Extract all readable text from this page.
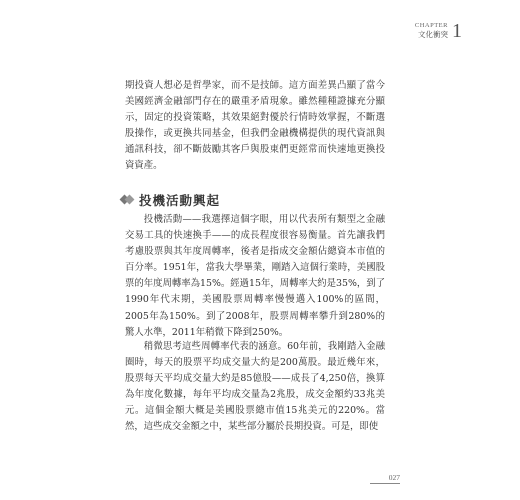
CHAPTER
文化衝突 1

期投資人想必是哲學家，而不是技師。這方面差異凸顯了當今美國經濟金融部門存在的嚴重矛盾現象。雖然種種證據充分顯示，固定的投資策略，其效果絕對優於行情時效掌握，不斷選股操作，或更換共同基金，但我們金融機構提供的現代資訊與通訊科技，卻不斷鼓勵其客戶與股東們更經常而快速地更換投資資產。

投機活動興起

投機活動——我選擇這個字眼，用以代表所有類型之金融交易工具的快速換手——的成長程度很容易衡量。首先讓我們考慮股票與其年度周轉率，後者是指成交金額佔總資本市值的百分率。1951年，當我大學畢業，剛踏入這個行業時，美國股票的年度周轉率為15%。經過15年，周轉率大約是35%，到了1990年代末期，美國股票周轉率慢慢邁入100%的區間，2005年為150%。到了2008年，股票周轉率攀升到280%的驚人水準，2011年稍微下降到250%。

稍微思考這些周轉率代表的涵意。60年前，我剛踏入金融圈時，每天的股票平均成交量大約是200萬股。最近幾年來，股票每天平均成交量大約是85億股——成長了4,250倍，換算為年度化數據，每年平均成交量為2兆股，成交金額約33兆美元。這個金額大概是美國股票總市值15兆美元的220%。當然，這些成交金額之中，某些部分屬於長期投資。可是，即使

027
